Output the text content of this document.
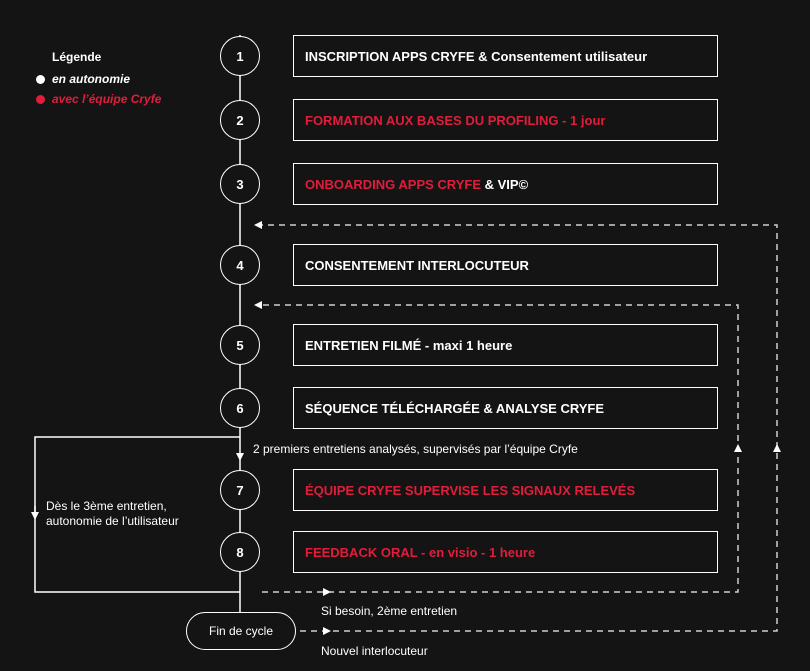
Légende
en autonomie
avec l’équipe Cryfe
1
2
3
4
5
6
7
8
INSCRIPTION APPS CRYFE & Consentement utilisateur
FORMATION AUX BASES DU PROFILING - 1 jour
ONBOARDING APPS CRYFE & VIP©
CONSENTEMENT INTERLOCUTEUR
ENTRETIEN FILMÉ - maxi 1 heure
SÉQUENCE TÉLÉCHARGÉE & ANALYSE CRYFE
ÉQUIPE CRYFE SUPERVISE LES SIGNAUX RELEVÉS
FEEDBACK ORAL - en visio - 1 heure
2 premiers entretiens analysés, supervisés par l’équipe Cryfe
Dès le 3ème entretien,
autonomie de l’utilisateur
Si besoin, 2ème entretien
Nouvel interlocuteur
Fin de cycle
